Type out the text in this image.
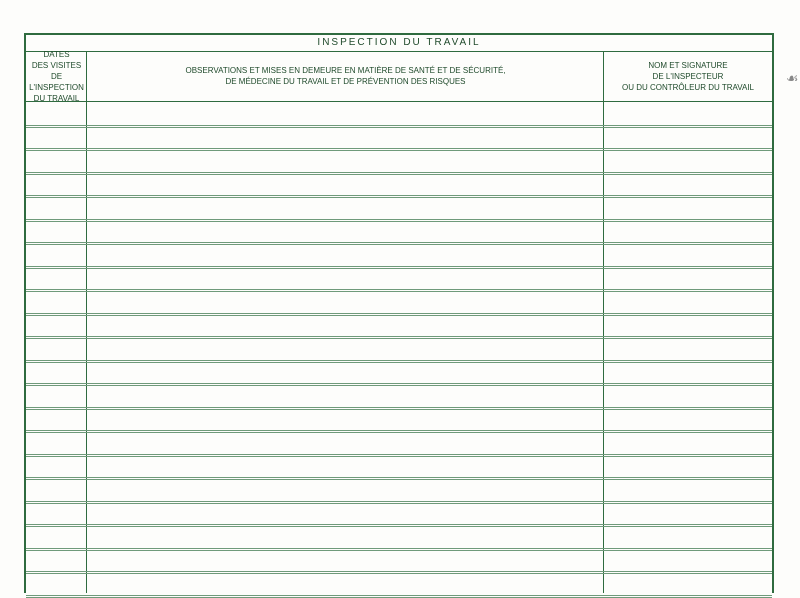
INSPECTION DU TRAVAIL
DATES
DES VISITES
DE L'INSPECTION
DU TRAVAIL
OBSERVATIONS ET MISES EN DEMEURE EN MATIÈRE DE SANTÉ ET DE SÉCURITÉ,
DE MÉDECINE DU TRAVAIL ET DE PRÉVENTION DES RISQUES
NOM ET SIGNATURE
DE L'INSPECTEUR
OU DU CONTRÔLEUR DU TRAVAIL
☙
